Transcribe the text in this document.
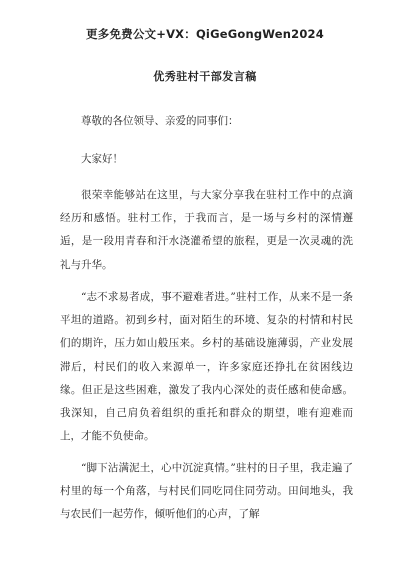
更多免费公文+VX：QiGeGongWen2024
优秀驻村干部发言稿

尊敬的各位领导、亲爱的同事们：

大家好！

很荣幸能够站在这里，与大家分享我在驻村工作中的点滴经历和感悟。驻村工作，于我而言，是一场与乡村的深情邂逅，是一段用青春和汗水浇灌希望的旅程，更是一次灵魂的洗礼与升华。

“志不求易者成，事不避难者进。”驻村工作，从来不是一条平坦的道路。初到乡村，面对陌生的环境、复杂的村情和村民们的期许，压力如山般压来。乡村的基础设施薄弱，产业发展滞后，村民们的收入来源单一，许多家庭还挣扎在贫困线边缘。但正是这些困难，激发了我内心深处的责任感和使命感。我深知，自己肩负着组织的重托和群众的期望，唯有迎难而上，才能不负使命。

“脚下沾满泥土，心中沉淀真情。”驻村的日子里，我走遍了村里的每一个角落，与村民们同吃同住同劳动。田间地头，我与农民们一起劳作，倾听他们的心声，了解
